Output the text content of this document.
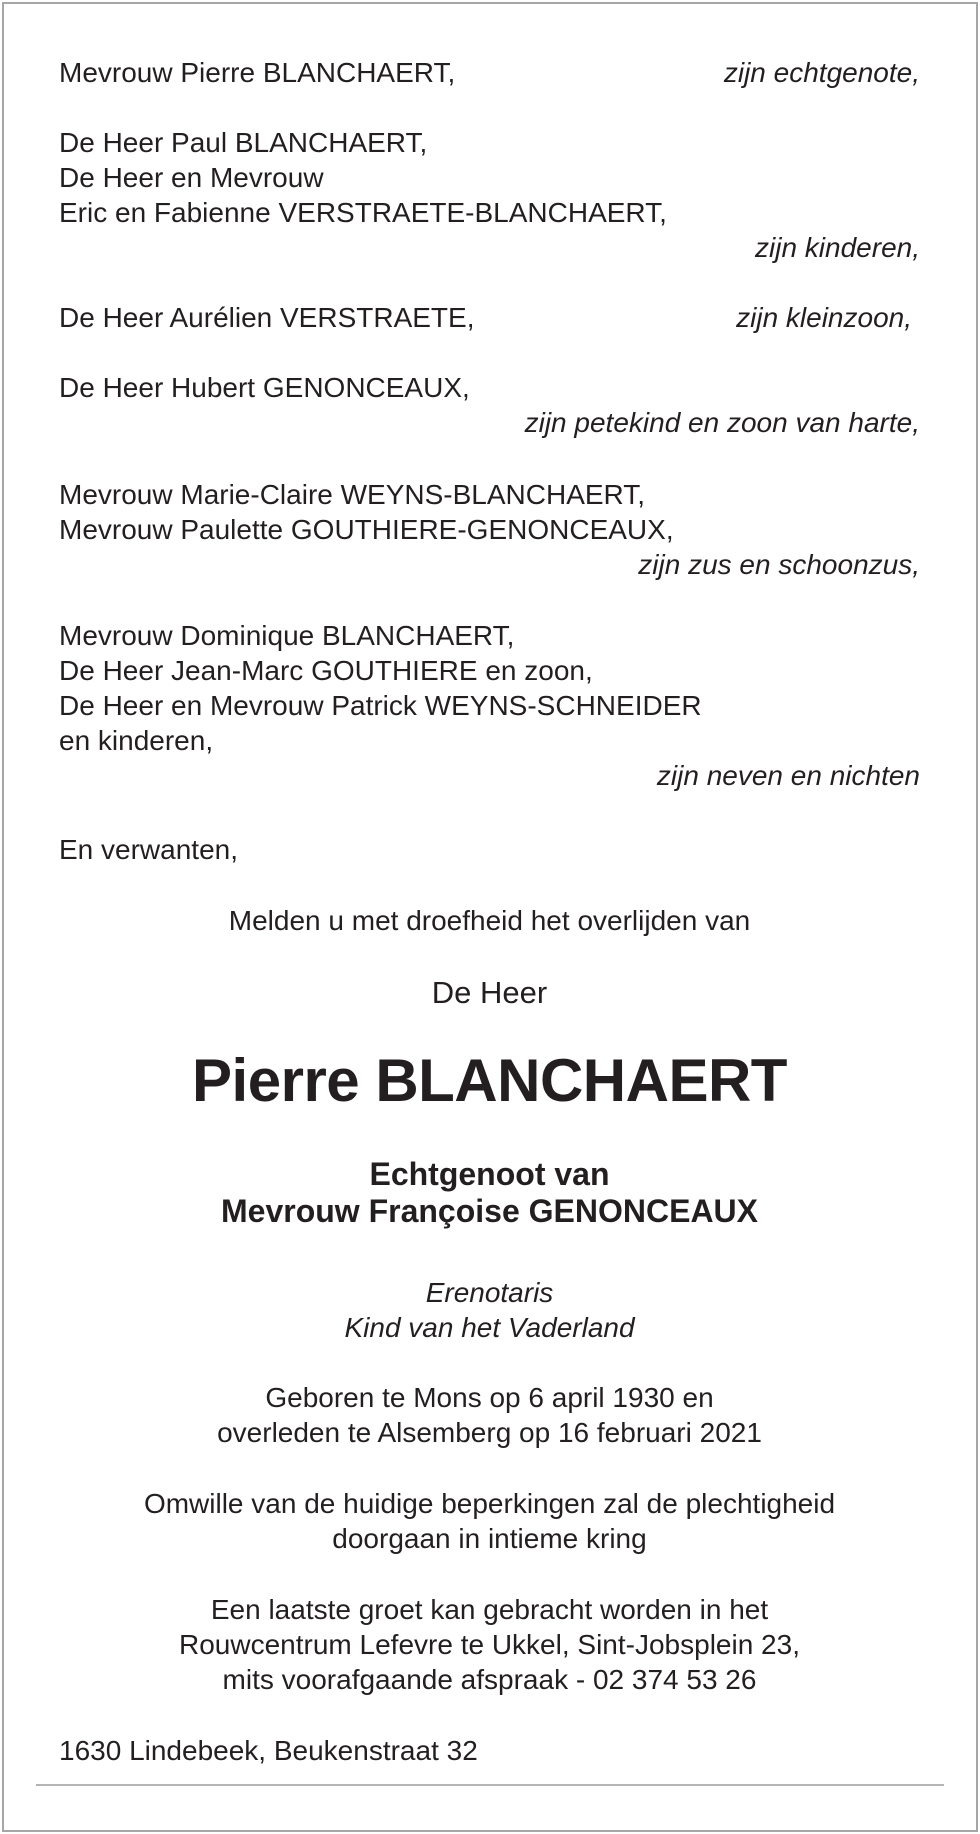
Mevrouw Pierre BLANCHAERT,	zijn echtgenote,
De Heer Paul BLANCHAERT,
De Heer en Mevrouw
Eric en Fabienne VERSTRAETE-BLANCHAERT,
zijn kinderen,
De Heer Aurélien VERSTRAETE,	zijn kleinzoon,
De Heer Hubert GENONCEAUX,
zijn petekind en zoon van harte,
Mevrouw Marie-Claire WEYNS-BLANCHAERT,
Mevrouw Paulette GOUTHIERE-GENONCEAUX,
zijn zus en schoonzus,
Mevrouw Dominique BLANCHAERT,
De Heer Jean-Marc GOUTHIERE en zoon,
De Heer en Mevrouw Patrick WEYNS-SCHNEIDER
en kinderen,
zijn neven en nichten
En verwanten,
Melden u met droefheid het overlijden van
De Heer
Pierre BLANCHAERT
Echtgenoot van
Mevrouw Françoise GENONCEAUX
Erenotaris
Kind van het Vaderland
Geboren te Mons op 6 april 1930 en
overleden te Alsemberg op 16 februari 2021
Omwille van de huidige beperkingen zal de plechtigheid
doorgaan in intieme kring
Een laatste groet kan gebracht worden in het
Rouwcentrum Lefevre te Ukkel, Sint-Jobsplein 23,
mits voorafgaande afspraak - 02 374 53 26
1630 Lindebeek, Beukenstraat 32
